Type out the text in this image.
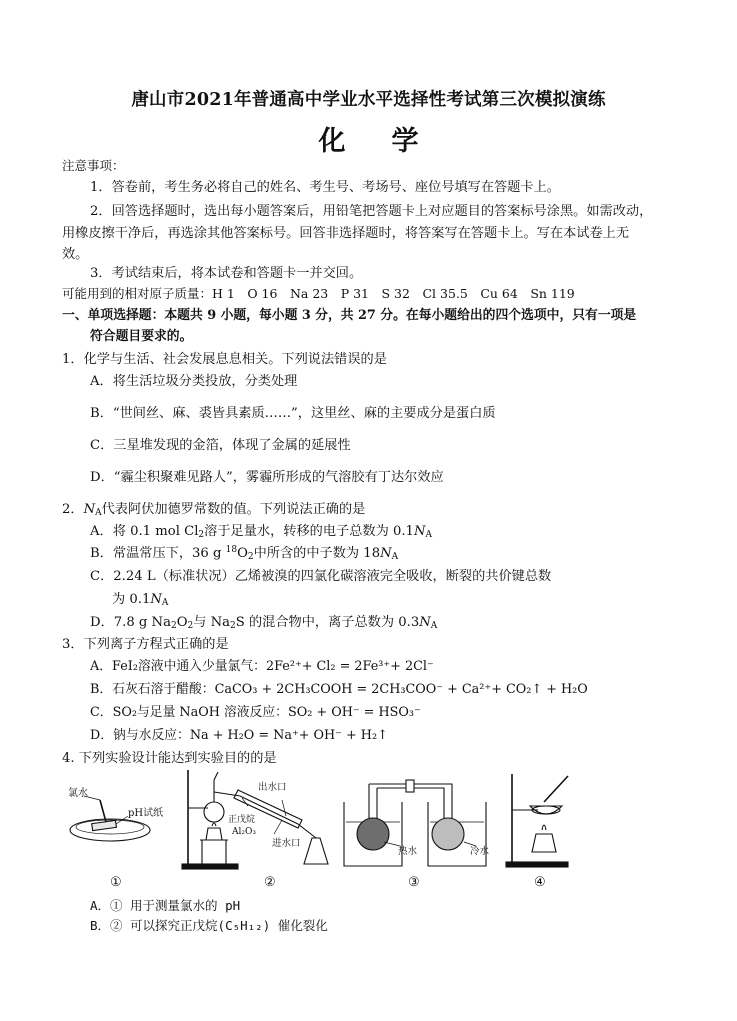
唐山市2021年普通高中学业水平选择性考试第三次模拟演练
化学
注意事项：
1．答卷前，考生务必将自己的姓名、考生号、考场号、座位号填写在答题卡上。
2．回答选择题时，选出每小题答案后，用铅笔把答题卡上对应题目的答案标号涂黑。如需改动，
用橡皮擦干净后，再选涂其他答案标号。回答非选择题时，将答案写在答题卡上。写在本试卷上无
效。
3．考试结束后，将本试卷和答题卡一并交回。
可能用到的相对原子质量：H 1　O 16　Na 23　P 31　S 32　Cl 35.5　Cu 64　Sn 119
一、单项选择题：本题共 9 小题，每小题 3 分，共 27 分。在每小题给出的四个选项中，只有一项是
符合题目要求的。
1．化学与生活、社会发展息息相关。下列说法错误的是
A．将生活垃圾分类投放，分类处理
B．“世间丝、麻、裘皆具素质……”，这里丝、麻的主要成分是蛋白质
C．三星堆发现的金箔，体现了金属的延展性
D．“霾尘积聚难见路人”，雾霾所形成的气溶胶有丁达尔效应
2．$N_A$代表阿伏加德罗常数的值。下列说法正确的是
A．将 0.1 mol $Cl_2$溶于足量水，转移的电子总数为 $0.1N_A$
B．常温常压下，36 g $^{18}O_2$中所含的中子数为 $18N_A$
C．2.24 L（标准状况）乙烯被溴的四氯化碳溶液完全吸收，断裂的共价键总数
为 $0.1N_A$
D．7.8 g $Na_2O_2$与 $Na_2S$ 的混合物中，离子总数为 $0.3N_A$
3．下列离子方程式正确的是
A．FeI₂溶液中通入少量氯气：2Fe²⁺+ Cl₂ = 2Fe³⁺+ 2Cl⁻
B．石灰石溶于醋酸：CaCO₃ + 2CH₃COOH = 2CH₃COO⁻ + Ca²⁺+ CO₂↑ + H₂O
C．SO₂与足量 NaOH 溶液反应：SO₂ + OH⁻ = HSO₃⁻
D．钠与水反应：Na + H₂O = Na⁺+ OH⁻ + H₂↑
4. 下列实验设计能达到实验目的的是
氯水
pH试纸
出水口
正戊烷
Al₂O₃
进水口
热水	冷水
①	②	③	④
A．① 用于测量氯水的 pH
B．② 可以探究正戊烷(C₅H₁₂) 催化裂化
